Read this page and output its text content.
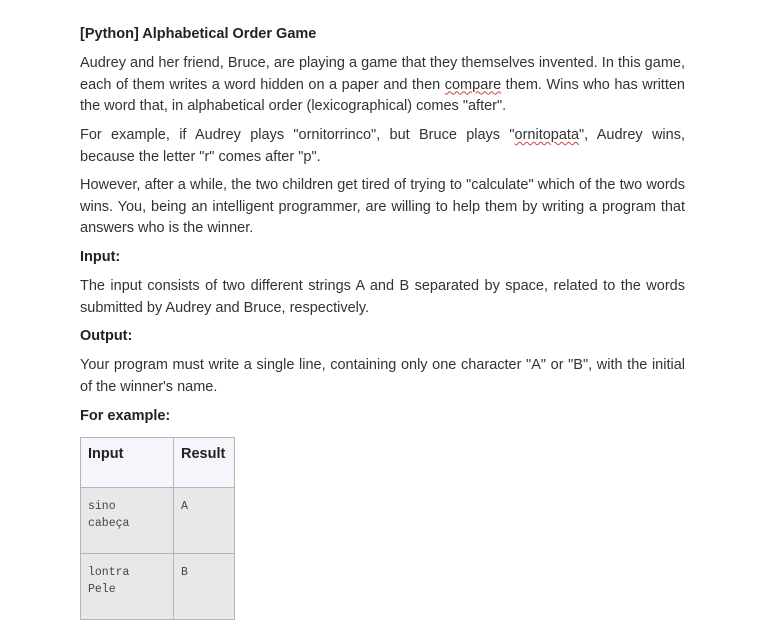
[Python] Alphabetical Order Game

Audrey and her friend, Bruce, are playing a game that they themselves invented. In this game, each of them writes a word hidden on a paper and then compare them. Wins who has written the word that, in alphabetical order (lexicographical) comes "after".

For example, if Audrey plays "ornitorrinco", but Bruce plays "ornitopata", Audrey wins, because the letter "r" comes after "p".

However, after a while, the two children get tired of trying to "calculate" which of the two words wins. You, being an intelligent programmer, are willing to help them by writing a program that answers who is the winner.

Input:

The input consists of two different strings A and B separated by space, related to the words submitted by Audrey and Bruce, respectively.

Output:

Your program must write a single line, containing only one character "A" or "B", with the initial of the winner's name.

For example:

Input	Result

sino
cabeça	A

lontra
Pele	B
